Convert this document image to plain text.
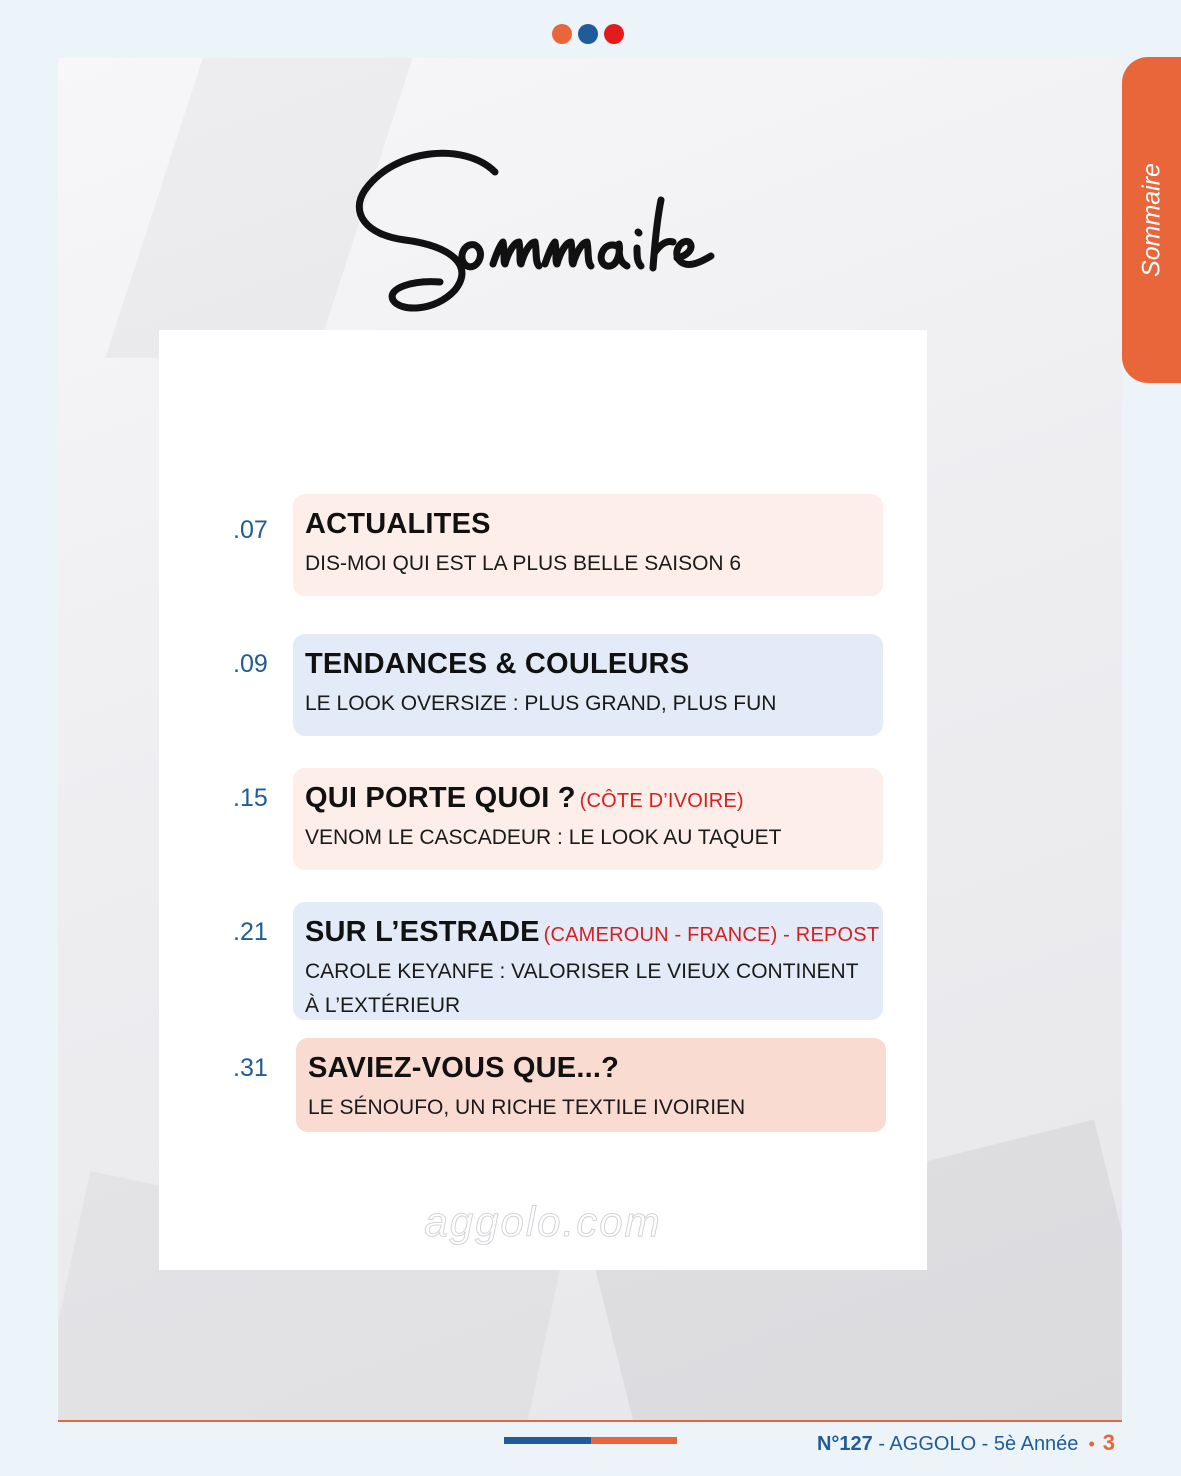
.07	ACTUALITES
DIS-MOI QUI EST LA PLUS BELLE SAISON 6
.09	TENDANCES & COULEURS
LE LOOK OVERSIZE : PLUS GRAND, PLUS FUN
.15	QUI PORTE QUOI ? (CÔTE D’IVOIRE)
VENOM LE CASCADEUR : LE LOOK AU TAQUET
.21	SUR L’ESTRADE (CAMEROUN - FRANCE) - REPOST
CAROLE KEYANFE : VALORISER LE VIEUX CONTINENT À L’EXTÉRIEUR
.31	SAVIEZ-VOUS QUE...?
LE SÉNOUFO, UN RICHE TEXTILE IVOIRIEN
aggolo.com
Sommaire
N°127 - AGGOLO - 5è Année • 3
